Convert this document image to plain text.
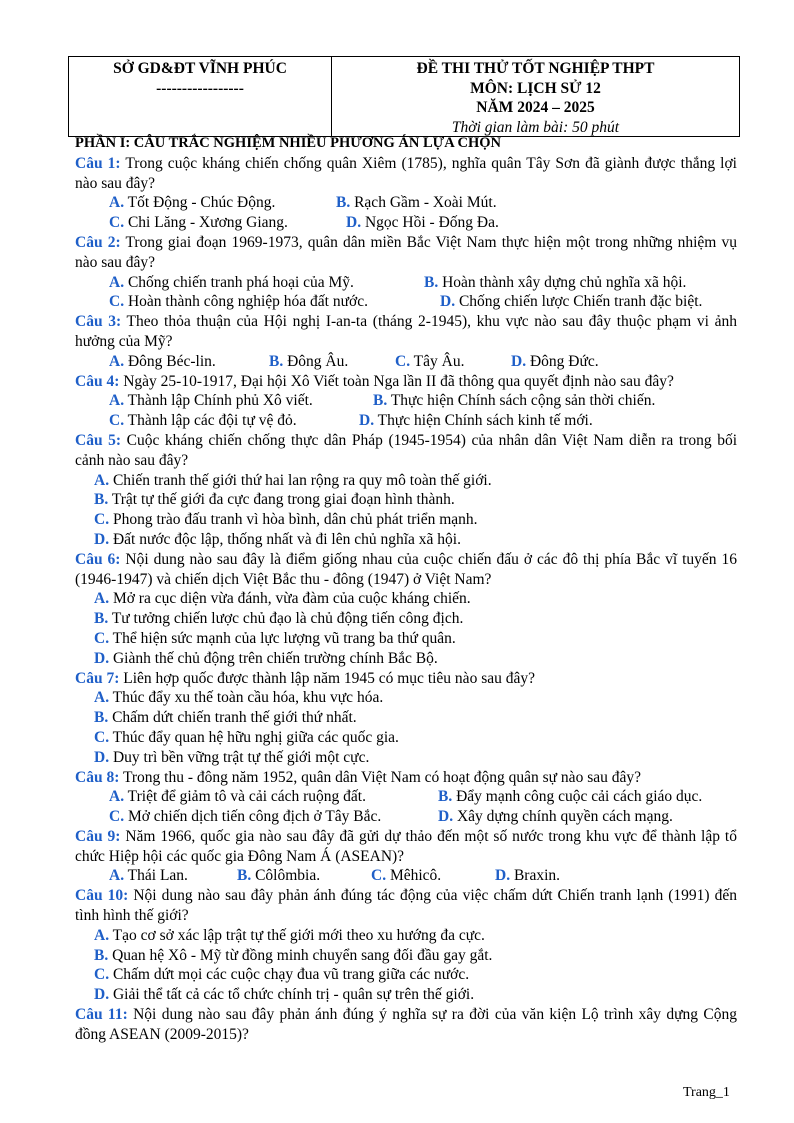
SỞ GD&ĐT VĨNH PHÚC
-----------------
ĐỀ THI THỬ TỐT NGHIỆP THPT
MÔN: LỊCH SỬ 12
NĂM 2024 – 2025
Thời gian làm bài: 50 phút
PHẦN I: CÂU TRẮC NGHIỆM NHIỀU PHƯƠNG ÁN LỰA CHỌN
Câu 1: Trong cuộc kháng chiến chống quân Xiêm (1785), nghĩa quân Tây Sơn đã giành được thắng lợi nào sau đây?
A. Tốt Động - Chúc Động.	B. Rạch Gầm - Xoài Mút.
C. Chi Lăng - Xương Giang.	D. Ngọc Hồi - Đống Đa.
Câu 2: Trong giai đoạn 1969-1973, quân dân miền Bắc Việt Nam thực hiện một trong những nhiệm vụ nào sau đây?
A. Chống chiến tranh phá hoại của Mỹ.	B. Hoàn thành xây dựng chủ nghĩa xã hội.
C. Hoàn thành công nghiệp hóa đất nước.	D. Chống chiến lược Chiến tranh đặc biệt.
Câu 3: Theo thỏa thuận của Hội nghị I-an-ta (tháng 2-1945), khu vực nào sau đây thuộc phạm vi ảnh hưởng của Mỹ?
A. Đông Béc-lin.	B. Đông Âu.	C. Tây Âu.	D. Đông Đức.
Câu 4: Ngày 25-10-1917, Đại hội Xô Viết toàn Nga lần II đã thông qua quyết định nào sau đây?
A. Thành lập Chính phủ Xô viết.	B. Thực hiện Chính sách cộng sản thời chiến.
C. Thành lập các đội tự vệ đỏ.	D. Thực hiện Chính sách kinh tế mới.
Câu 5: Cuộc kháng chiến chống thực dân Pháp (1945-1954) của nhân dân Việt Nam diễn ra trong bối cảnh nào sau đây?
A. Chiến tranh thế giới thứ hai lan rộng ra quy mô toàn thế giới.
B. Trật tự thế giới đa cực đang trong giai đoạn hình thành.
C. Phong trào đấu tranh vì hòa bình, dân chủ phát triển mạnh.
D. Đất nước độc lập, thống nhất và đi lên chủ nghĩa xã hội.
Câu 6: Nội dung nào sau đây là điểm giống nhau của cuộc chiến đấu ở các đô thị phía Bắc vĩ tuyến 16 (1946-1947) và chiến dịch Việt Bắc thu - đông (1947) ở Việt Nam?
A. Mở ra cục diện vừa đánh, vừa đàm của cuộc kháng chiến.
B. Tư tưởng chiến lược chủ đạo là chủ động tiến công địch.
C. Thể hiện sức mạnh của lực lượng vũ trang ba thứ quân.
D. Giành thế chủ động trên chiến trường chính Bắc Bộ.
Câu 7: Liên hợp quốc được thành lập năm 1945 có mục tiêu nào sau đây?
A. Thúc đẩy xu thế toàn cầu hóa, khu vực hóa.
B. Chấm dứt chiến tranh thế giới thứ nhất.
C. Thúc đẩy quan hệ hữu nghị giữa các quốc gia.
D. Duy trì bền vững trật tự thế giới một cực.
Câu 8: Trong thu - đông năm 1952, quân dân Việt Nam có hoạt động quân sự nào sau đây?
A. Triệt để giảm tô và cải cách ruộng đất.	B. Đẩy mạnh công cuộc cải cách giáo dục.
C. Mở chiến dịch tiến công địch ở Tây Bắc.	D. Xây dựng chính quyền cách mạng.
Câu 9: Năm 1966, quốc gia nào sau đây đã gửi dự thảo đến một số nước trong khu vực để thành lập tổ chức Hiệp hội các quốc gia Đông Nam Á (ASEAN)?
A. Thái Lan.	B. Côlômbia.	C. Mêhicô.	D. Braxin.
Câu 10: Nội dung nào sau đây phản ánh đúng tác động của việc chấm dứt Chiến tranh lạnh (1991) đến tình hình thế giới?
A. Tạo cơ sở xác lập trật tự thế giới mới theo xu hướng đa cực.
B. Quan hệ Xô - Mỹ từ đồng minh chuyển sang đối đầu gay gắt.
C. Chấm dứt mọi các cuộc chạy đua vũ trang giữa các nước.
D. Giải thể tất cả các tổ chức chính trị - quân sự trên thế giới.
Câu 11: Nội dung nào sau đây phản ánh đúng ý nghĩa sự ra đời của văn kiện Lộ trình xây dựng Cộng đồng ASEAN (2009-2015)?
Trang_1
